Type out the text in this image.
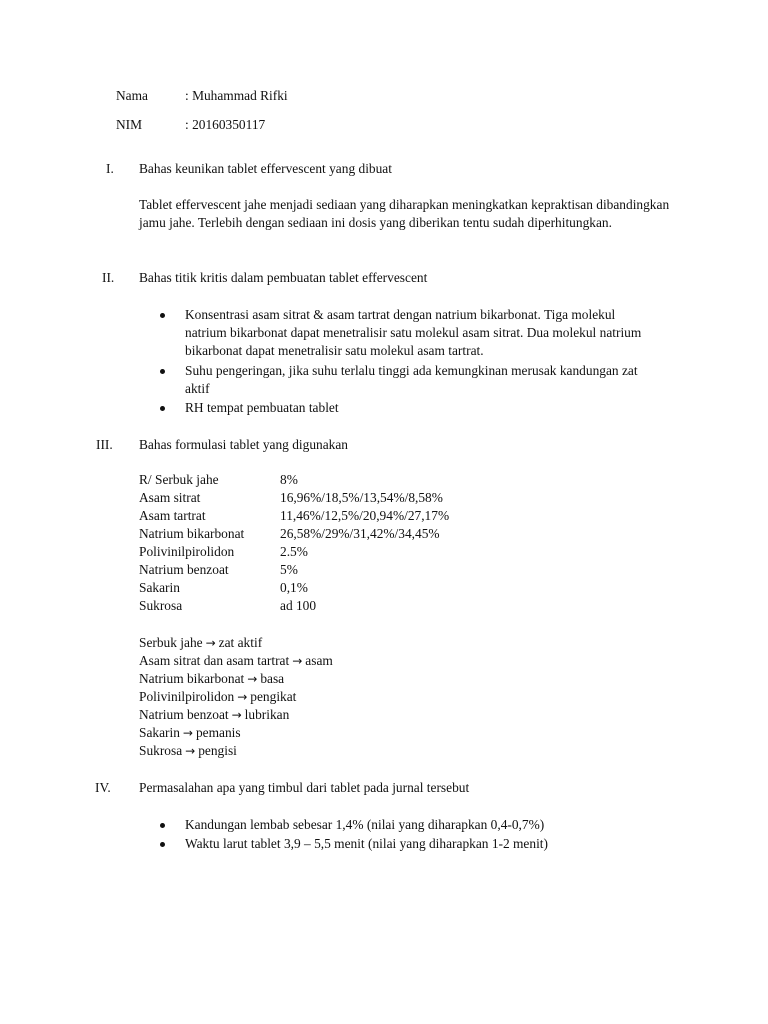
Nama	: Muhammad Rifki
NIM	: 20160350117
I. Bahas keunikan tablet effervescent yang dibuat
Tablet effervescent jahe menjadi sediaan yang diharapkan meningkatkan kepraktisan dibandingkan jamu jahe. Terlebih dengan sediaan ini dosis yang diberikan tentu sudah diperhitungkan.
II. Bahas titik kritis dalam pembuatan tablet effervescent
Konsentrasi asam sitrat & asam tartrat dengan natrium bikarbonat. Tiga molekul natrium bikarbonat dapat menetralisir satu molekul asam sitrat. Dua molekul natrium bikarbonat dapat menetralisir satu molekul asam tartrat.
Suhu pengeringan, jika suhu terlalu tinggi ada kemungkinan merusak kandungan zat aktif
RH tempat pembuatan tablet
III. Bahas formulasi tablet yang digunakan
R/ Serbuk jahe	8%
Asam sitrat	16,96%/18,5%/13,54%/8,58%
Asam tartrat	11,46%/12,5%/20,94%/27,17%
Natrium bikarbonat	26,58%/29%/31,42%/34,45%
Polivinilpirolidon	2.5%
Natrium benzoat	5%
Sakarin	0,1%
Sukrosa	ad 100
Serbuk jahe → zat aktif
Asam sitrat dan asam tartrat → asam
Natrium bikarbonat → basa
Polivinilpirolidon → pengikat
Natrium benzoat → lubrikan
Sakarin → pemanis
Sukrosa → pengisi
IV. Permasalahan apa yang timbul dari tablet pada jurnal tersebut
Kandungan lembab sebesar 1,4% (nilai yang diharapkan 0,4-0,7%)
Waktu larut tablet 3,9 – 5,5 menit (nilai yang diharapkan 1-2 menit)
